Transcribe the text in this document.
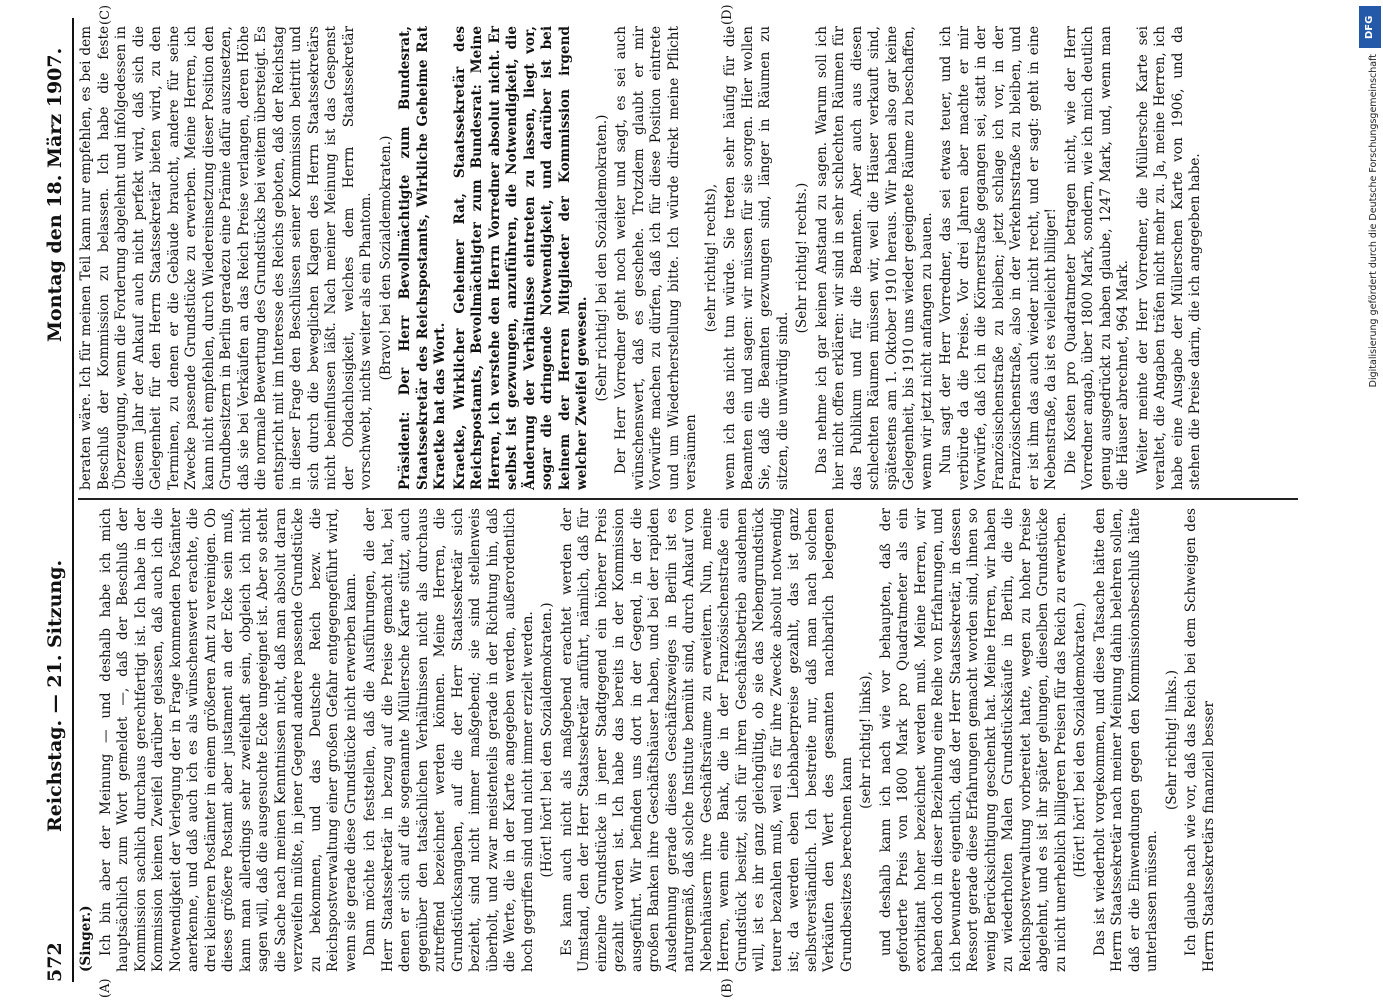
572
Reichstag. — 21. Sitzung.
Montag den 18. März 1907.
(A)	(B)
(C)	(D)

(Singer.) Ich bin aber der Meinung — und deshalb habe ich mich hauptsächlich zum Wort gemeldet —, daß der Beschluß der Kommission sachlich durchaus gerechtfertigt ist. Ich habe in der Kommission keinen Zweifel darüber gelassen, daß auch ich die Notwendigkeit der Verlegung der in Frage kommenden Postämter anerkenne, und daß auch ich es als wünschenswert erachte, die drei kleineren Postämter in einem größeren Amt zu vereinigen. Ob dieses größere Postamt aber justament an der Ecke sein muß, kann man allerdings sehr zweifelhaft sein, obgleich ich nicht sagen will, daß die ausgesuchte Ecke ungeeignet ist. Aber so steht die Sache nach meinen Kenntnissen nicht, daß man absolut daran verzweifeln müßte, in jener Gegend andere passende Grundstücke zu bekommen, und das Deutsche Reich bezw. die Reichspostverwaltung einer großen Gefahr entgegengeführt wird, wenn sie gerade diese Grundstücke nicht erwerben kann. Dann möchte ich feststellen, daß die Ausführungen, die der Herr Staatssekretär in bezug auf die Preise gemacht hat, bei denen er sich auf die sogenannte Müllersche Karte stützt, auch gegenüber den tatsächlichen Verhältnissen nicht als durchaus zutreffend bezeichnet werden können. Meine Herren, die Grundstücksangaben, auf die der Herr Staatssekretär sich bezieht, sind nicht immer maßgebend; sie sind stellenweis überholt, und zwar meistenteils gerade in der Richtung hin, daß die Werte, die in der Karte angegeben werden, außerordentlich hoch gegriffen sind und nicht immer erzielt werden. (Hört! hört! bei den Sozialdemokraten.) Es kann auch nicht als maßgebend erachtet werden der Umstand, den der Herr Staatssekretär anführt, nämlich, daß für einzelne Grundstücke in jener Stadtgegend ein höherer Preis gezahlt worden ist. Ich habe das bereits in der Kommission ausgeführt. Wir befinden uns dort in der Gegend, in der die großen Banken ihre Geschäftshäuser haben, und bei der rapiden Ausdehnung gerade dieses Geschäftszweiges in Berlin ist es naturgemäß, daß solche Institute bemüht sind, durch Ankauf von Nebenhäusern ihre Geschäftsräume zu erweitern. Nun, meine Herren, wenn eine Bank, die in der Französischenstraße ein Grundstück besitzt, sich für ihren Geschäftsbetrieb ausdehnen will, ist es ihr ganz gleichgültig, ob sie das Nebengrundstück teurer bezahlen muß, weil es für ihre Zwecke absolut notwendig ist; da werden eben Liebhaberpreise gezahlt, das ist ganz selbstverständlich. Ich bestreite nur, daß man nach solchen Verkäufen den Wert des gesamten nachbarlich belegenen Grundbesitzes berechnen kann

(sehr richtig! links), und deshalb kann ich nach wie vor behaupten, daß der geforderte Preis von 1800 Mark pro Quadratmeter als ein exorbitant hoher bezeichnet werden muß. Meine Herren, wir haben doch in dieser Beziehung eine Reihe von Erfahrungen, und ich bewundere eigentlich, daß der Herr Staatssekretär, in dessen Ressort gerade diese Erfahrungen gemacht worden sind, ihnen so wenig Berücksichtigung geschenkt hat. Meine Herren, wir haben zu wiederholten Malen Grundstückskäufe in Berlin, die die Reichspostverwaltung vorbereitet hatte, wegen zu hoher Preise abgelehnt, und es ist ihr später gelungen, dieselben Grundstücke zu nicht unerheblich billigeren Preisen für das Reich zu erwerben. (Hört! hört! bei den Sozialdemokraten.) Das ist wiederholt vorgekommen, und diese Tatsache hätte den Herrn Staatssekretär nach meiner Meinung dahin belehren sollen, daß er die Einwendungen gegen den Kommissionsbeschluß hätte unterlassen müssen.

(Sehr richtig! links.) Ich glaube nach wie vor, daß das Reich bei dem Schweigen des Herrn Staatssekretärs finanziell besser

beraten wäre. Ich für meinen Teil kann nur empfehlen, es bei dem Beschluß der Kommission zu belassen. Ich habe die feste Überzeugung, wenn die Forderung abgelehnt und infolgedessen in diesem Jahr der Ankauf auch nicht perfekt wird, daß sich die Gelegenheit für den Herrn Staatssekretär bieten wird, zu den Terminen, zu denen er die Gebäude braucht, andere für seine Zwecke passende Grundstücke zu erwerben. Meine Herren, ich kann nicht empfehlen, durch Wiedereinsetzung dieser Position den Grundbesitzern in Berlin geradezu eine Prämie dafür auszusetzen, daß sie bei Verkäufen an das Reich Preise verlangen, deren Höhe die normale Bewertung des Grundstücks bei weitem übersteigt. Es entspricht mit im Interesse des Reichs geboten, daß der Reichstag in dieser Frage den Beschlüssen seiner Kommission beitritt und sich durch die beweglichen Klagen des Herrn Staatssekretärs nicht beeinflussen läßt. Nach meiner Meinung ist das Gespenst der Obdachlosigkeit, welches dem Herrn Staatssekretär vorschwebt, nichts weiter als ein Phantom. (Bravo! bei den Sozialdemokraten.) Präsident: Der Herr Bevollmächtigte zum Bundesrat, Staatssekretär des Reichspostamts, Wirkliche Geheime Rat Kraetke hat das Wort. Kraetke, Wirklicher Geheimer Rat, Staatssekretär des Reichspostamts, Bevollmächtigter zum Bundesrat: Meine Herren, ich verstehe den Herrn Vorredner absolut nicht. Er selbst ist gezwungen, anzuführen, die Notwendigkeit, die Änderung der Verhältnisse eintreten zu lassen, liegt vor, sogar die dringende Notwendigkeit, und darüber ist bei keinem der Herren Mitglieder der Kommission irgend welcher Zweifel gewesen. (Sehr richtig! bei den Sozialdemokraten.) Der Herr Vorredner geht noch weiter und sagt, es sei auch wünschenswert, daß es geschehe. Trotzdem glaubt er mir Vorwürfe machen zu dürfen, daß ich für diese Position eintrete und um Wiederherstellung bitte. Ich würde direkt meine Pflicht versäumen

(sehr richtig! rechts), wenn ich das nicht tun würde. Sie treten sehr häufig für die Beamten ein und sagen: wir müssen für sie sorgen. Hier wollen Sie, daß die Beamten gezwungen sind, länger in Räumen zu sitzen, die unwürdig sind.

(Sehr richtig! rechts.) Das nehme ich gar keinen Anstand zu sagen. Warum soll ich hier nicht offen erklären: wir sind in sehr schlechten Räumen für das Publikum und für die Beamten. Aber auch aus diesen schlechten Räumen müssen wir, weil die Häuser verkauft sind, spätestens am 1. Oktober 1910 heraus. Wir haben also gar keine Gelegenheit, bis 1910 uns wieder geeignete Räume zu beschaffen, wenn wir jetzt nicht anfangen zu bauen. Nun sagt der Herr Vorredner, das sei etwas teuer, und ich verbürde da die Preise. Vor drei Jahren aber machte er mir Vorwürfe, daß ich in die Körnerstraße gegangen sei, statt in der Französischenstraße zu bleiben; jetzt schlage ich vor, in der Französischenstraße, also in der Verkehrsstraße zu bleiben, und er ist ihm das auch wieder nicht recht, und er sagt: geht in eine Nebenstraße, da ist es vielleicht billiger! Die Kosten pro Quadratmeter betragen nicht, wie der Herr Vorredner angab, über 1800 Mark, sondern, wie ich mich deutlich genug ausgedrückt zu haben glaube, 1247 Mark, und, wenn man die Häuser abrechnet, 964 Mark. Weiter meinte der Herr Vorredner, die Müllersche Karte sei veraltet, die Angaben träfen nicht mehr zu. Ja, meine Herren, ich habe eine Ausgabe der Müllerschen Karte von 1906, und da stehen die Preise darin, die ich angegeben habe.

DFG
Digitalisierung gefördert durch die Deutsche Forschungsgemeinschaft
